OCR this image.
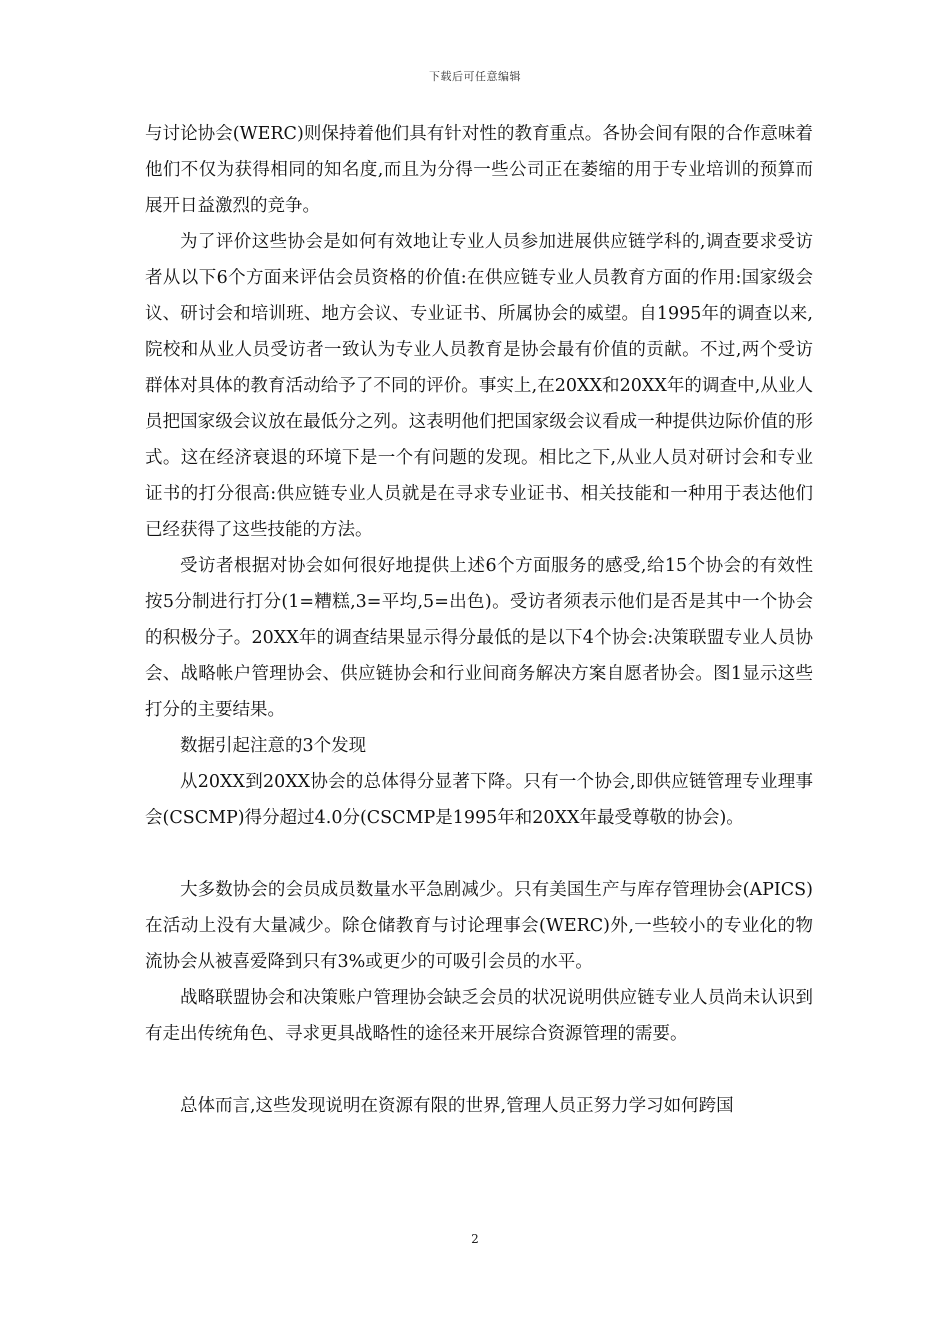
下载后可任意编辑

与讨论协会(WERC)则保持着他们具有针对性的教育重点。各协会间有限的合作意味着他们不仅为获得相同的知名度,而且为分得一些公司正在萎缩的用于专业培训的预算而展开日益激烈的竞争。

为了评价这些协会是如何有效地让专业人员参加进展供应链学科的,调查要求受访者从以下6个方面来评估会员资格的价值:在供应链专业人员教育方面的作用:国家级会议、研讨会和培训班、地方会议、专业证书、所属协会的威望。自1995年的调查以来,院校和从业人员受访者一致认为专业人员教育是协会最有价值的贡献。不过,两个受访群体对具体的教育活动给予了不同的评价。事实上,在20XX和20XX年的调查中,从业人员把国家级会议放在最低分之列。这表明他们把国家级会议看成一种提供边际价值的形式。这在经济衰退的环境下是一个有问题的发现。相比之下,从业人员对研讨会和专业证书的打分很高:供应链专业人员就是在寻求专业证书、相关技能和一种用于表达他们已经获得了这些技能的方法。

受访者根据对协会如何很好地提供上述6个方面服务的感受,给15个协会的有效性按5分制进行打分(1=糟糕,3=平均,5=出色)。受访者须表示他们是否是其中一个协会的积极分子。20XX年的调查结果显示得分最低的是以下4个协会:决策联盟专业人员协会、战略帐户管理协会、供应链协会和行业间商务解决方案自愿者协会。图1显示这些打分的主要结果。

数据引起注意的3个发现

从20XX到20XX协会的总体得分显著下降。只有一个协会,即供应链管理专业理事会(CSCMP)得分超过4.0分(CSCMP是1995年和20XX年最受尊敬的协会)。

大多数协会的会员成员数量水平急剧减少。只有美国生产与库存管理协会(APICS)在活动上没有大量减少。除仓储教育与讨论理事会(WERC)外,一些较小的专业化的物流协会从被喜爱降到只有3%或更少的可吸引会员的水平。

战略联盟协会和决策账户管理协会缺乏会员的状况说明供应链专业人员尚未认识到有走出传统角色、寻求更具战略性的途径来开展综合资源管理的需要。

总体而言,这些发现说明在资源有限的世界,管理人员正努力学习如何跨国

2
